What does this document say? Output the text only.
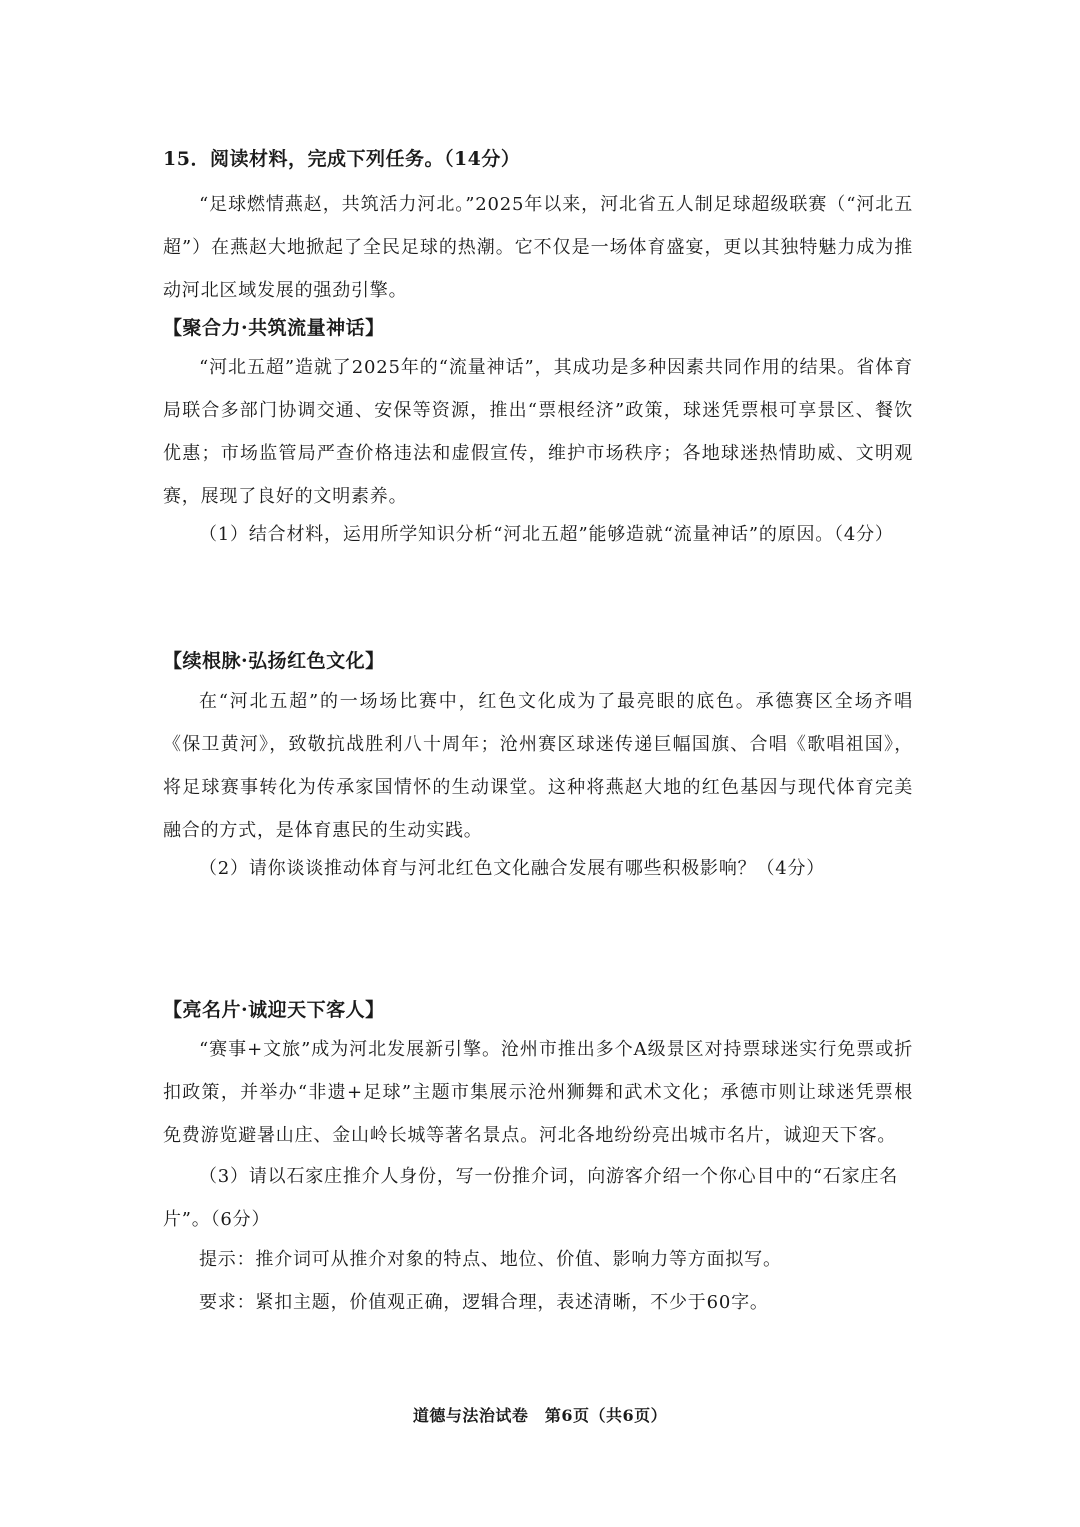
15．阅读材料，完成下列任务。（14分）
“足球燃情燕赵，共筑活力河北。”2025年以来，河北省五人制足球超级联赛（“河北五超”）在燕赵大地掀起了全民足球的热潮。它不仅是一场体育盛宴，更以其独特魅力成为推动河北区域发展的强劲引擎。
【聚合力·共筑流量神话】
“河北五超”造就了2025年的“流量神话”，其成功是多种因素共同作用的结果。省体育局联合多部门协调交通、安保等资源，推出“票根经济”政策，球迷凭票根可享景区、餐饮优惠；市场监管局严查价格违法和虚假宣传，维护市场秩序；各地球迷热情助威、文明观赛，展现了良好的文明素养。
（1）结合材料，运用所学知识分析“河北五超”能够造就“流量神话”的原因。（4分）
【续根脉·弘扬红色文化】
在“河北五超”的一场场比赛中，红色文化成为了最亮眼的底色。承德赛区全场齐唱《保卫黄河》，致敬抗战胜利八十周年；沧州赛区球迷传递巨幅国旗、合唱《歌唱祖国》，将足球赛事转化为传承家国情怀的生动课堂。这种将燕赵大地的红色基因与现代体育完美融合的方式，是体育惠民的生动实践。
（2）请你谈谈推动体育与河北红色文化融合发展有哪些积极影响？（4分）
【亮名片·诚迎天下客人】
“赛事+文旅”成为河北发展新引擎。沧州市推出多个A级景区对持票球迷实行免票或折扣政策，并举办“非遗+足球”主题市集展示沧州狮舞和武术文化；承德市则让球迷凭票根免费游览避暑山庄、金山岭长城等著名景点。河北各地纷纷亮出城市名片，诚迎天下客。
（3）请以石家庄推介人身份，写一份推介词，向游客介绍一个你心目中的“石家庄名片”。（6分）
提示：推介词可从推介对象的特点、地位、价值、影响力等方面拟写。
要求：紧扣主题，价值观正确，逻辑合理，表述清晰，不少于60字。
道德与法治试卷　第6页（共6页）
